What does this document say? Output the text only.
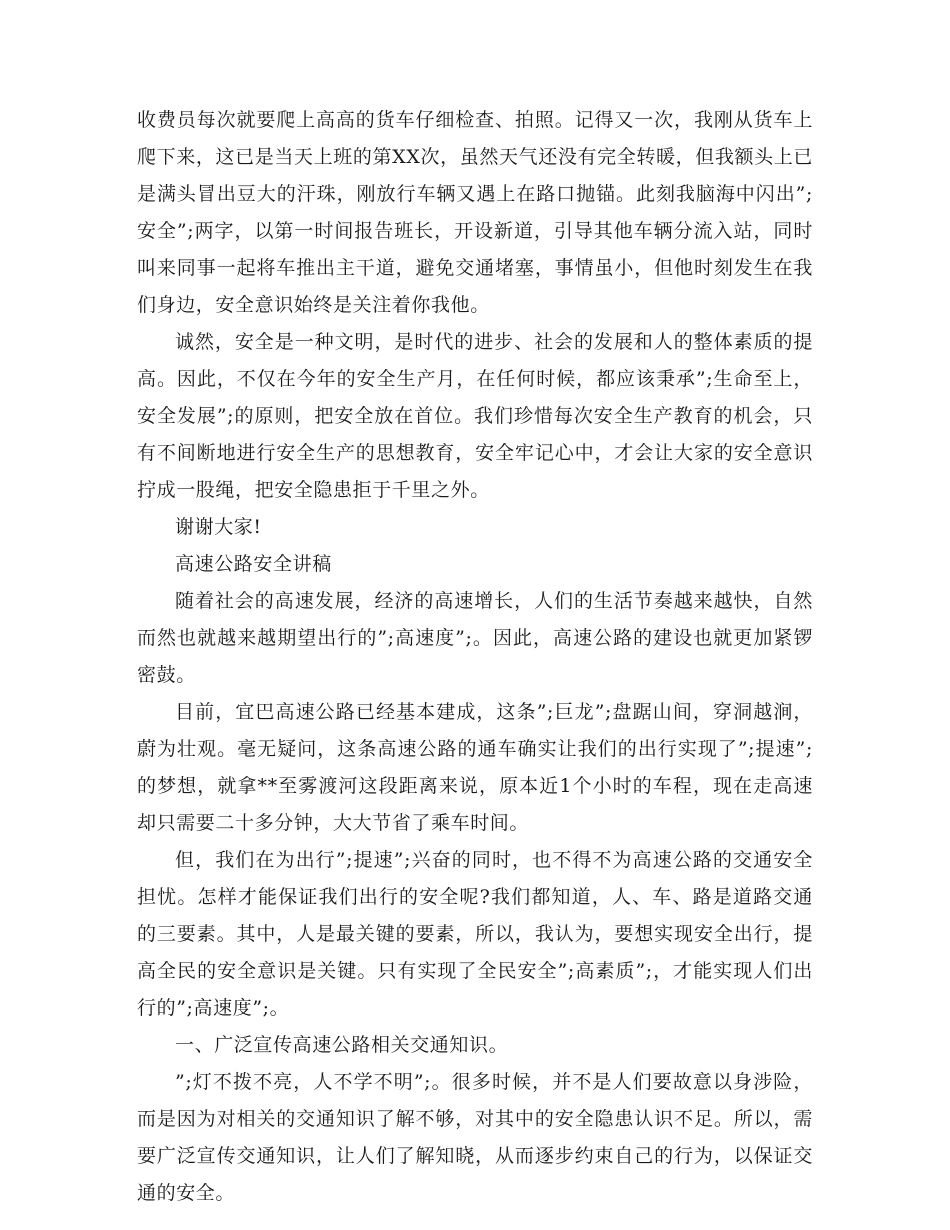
收费员每次就要爬上高高的货车仔细检查、拍照。记得又一次，我刚从货车上爬下来，这已是当天上班的第XX次，虽然天气还没有完全转暖，但我额头上已是满头冒出豆大的汗珠，刚放行车辆又遇上在路口抛锚。此刻我脑海中闪出”;安全”;两字，以第一时间报告班长，开设新道，引导其他车辆分流入站，同时叫来同事一起将车推出主干道，避免交通堵塞，事情虽小，但他时刻发生在我们身边，安全意识始终是关注着你我他。

诚然，安全是一种文明，是时代的进步、社会的发展和人的整体素质的提高。因此，不仅在今年的安全生产月，在任何时候，都应该秉承”;生命至上，安全发展”;的原则，把安全放在首位。我们珍惜每次安全生产教育的机会，只有不间断地进行安全生产的思想教育，安全牢记心中，才会让大家的安全意识拧成一股绳，把安全隐患拒于千里之外。

谢谢大家!

高速公路安全讲稿

随着社会的高速发展，经济的高速增长，人们的生活节奏越来越快，自然而然也就越来越期望出行的”;高速度”;。因此，高速公路的建设也就更加紧锣密鼓。

目前，宜巴高速公路已经基本建成，这条”;巨龙”;盘踞山间，穿洞越涧，蔚为壮观。毫无疑问，这条高速公路的通车确实让我们的出行实现了”;提速”;的梦想，就拿**至雾渡河这段距离来说，原本近1个小时的车程，现在走高速却只需要二十多分钟，大大节省了乘车时间。

但，我们在为出行”;提速”;兴奋的同时，也不得不为高速公路的交通安全担忧。怎样才能保证我们出行的安全呢?我们都知道，人、车、路是道路交通的三要素。其中，人是最关键的要素，所以，我认为，要想实现安全出行，提高全民的安全意识是关键。只有实现了全民安全”;高素质”;，才能实现人们出行的”;高速度”;。

一、广泛宣传高速公路相关交通知识。

”;灯不拨不亮，人不学不明”;。很多时候，并不是人们要故意以身涉险，而是因为对相关的交通知识了解不够，对其中的安全隐患认识不足。所以，需要广泛宣传交通知识，让人们了解知晓，从而逐步约束自己的行为，以保证交通的安全。
